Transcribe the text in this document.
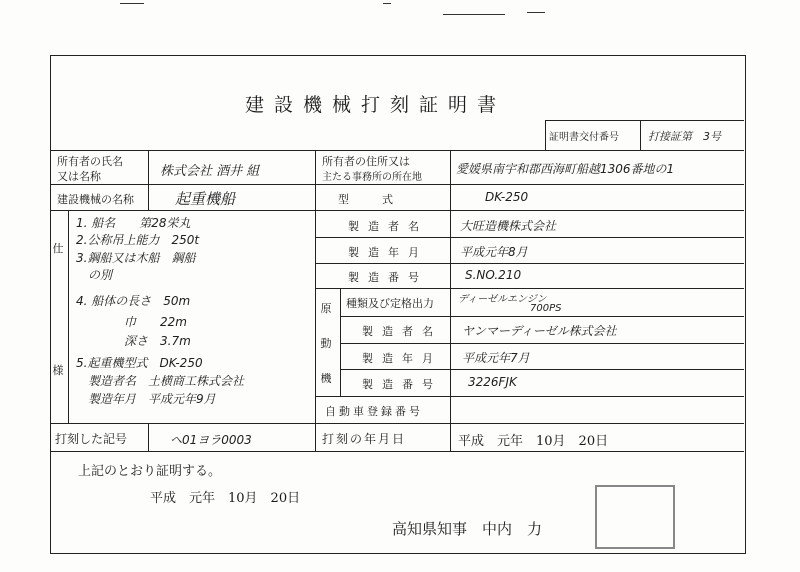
建設機械打刻証明書
証明書交付番号	打接証第　3号
所有者の氏名
又は名称	株式会社 酒井 組
所有者の住所又は
主たる事務所の所在地
愛媛県南宇和郡西海町船越1306番地の1
建設機械の名称	起重機船	型　　　式	DK-250
仕
様
1. 船名　　第28栄丸
2.公称吊上能力　250t
3.鋼船又は木船　鋼船
　の別
4. 船体の長さ　50m
　　　　巾　　22m
　　　　深さ　3.7m
5.起重機型式　DK-250
　製造者名　土横商工株式会社
　製造年月　平成元年9月
製造者名	大旺造機株式会社
製造年月	平成元年8月
製造番号	S.NO.210
原
動
機
種類及び定格出力 ディーゼルエンジン
700PS
製造者名 ヤンマーディーゼル株式会社
製造年月 平成元年7月
製造番号 3226FJK
自動車登録番号
打刻した記号	ヘ01ヨラ0003	打刻の年月日	平成　元年　10月　20日
上記のとおり証明する。
平成　元年　10月　20日
高知県知事　中内　力
